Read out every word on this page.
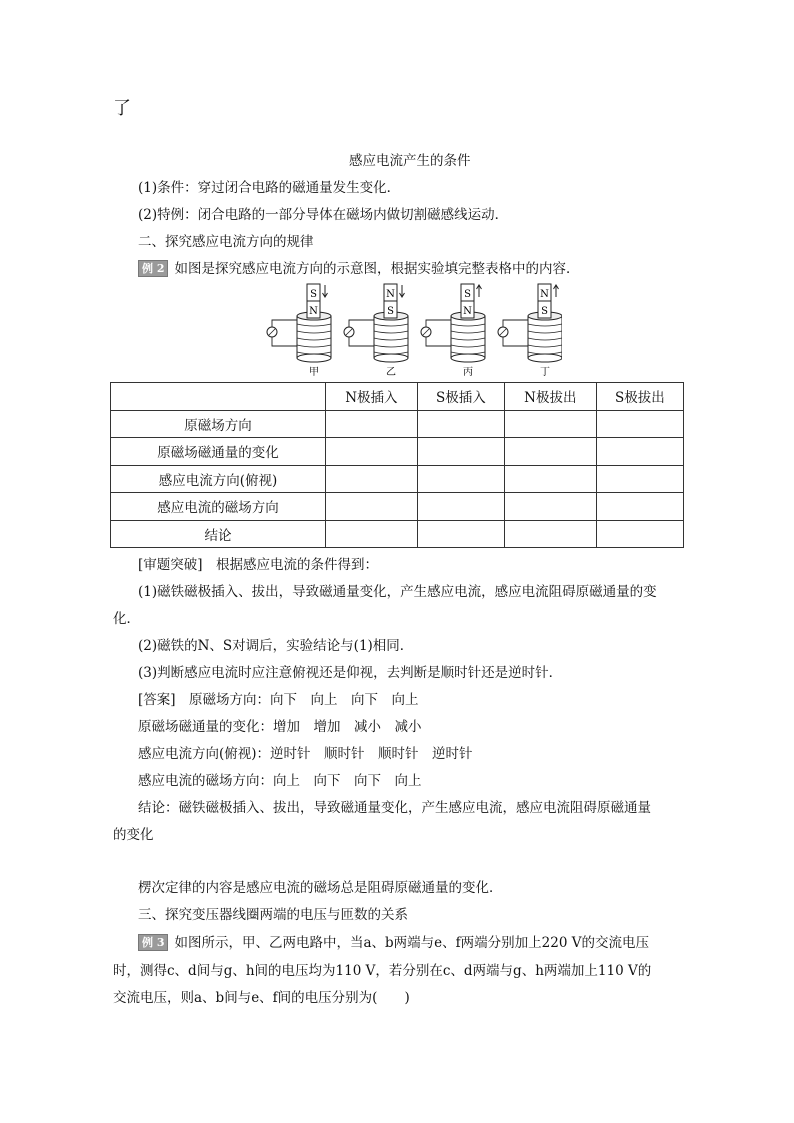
了
感应电流产生的条件
(1)条件：穿过闭合电路的磁通量发生变化．
(2)特例：闭合电路的一部分导体在磁场内做切割磁感线运动．
二、探究感应电流方向的规律
例 2 如图是探究感应电流方向的示意图，根据实验填完整表格中的内容．
S
N
甲
N
S
乙
S
N
丙
N
S
丁
	N极插入	S极插入	N极拔出	S极拔出
原磁场方向				
原磁场磁通量的变化				
感应电流方向(俯视)				
感应电流的磁场方向				
结论				
[审题突破]　根据感应电流的条件得到：
(1)磁铁磁极插入、拔出，导致磁通量变化，产生感应电流，感应电流阻碍原磁通量的变
化．
(2)磁铁的N、S对调后，实验结论与(1)相同．
(3)判断感应电流时应注意俯视还是仰视，去判断是顺时针还是逆时针．
[答案]　原磁场方向：向下　向上　向下　向上
原磁场磁通量的变化：增加　增加　减小　减小
感应电流方向(俯视)：逆时针　顺时针　顺时针　逆时针
感应电流的磁场方向：向上　向下　向下　向上
结论：磁铁磁极插入、拔出，导致磁通量变化，产生感应电流，感应电流阻碍原磁通量
的变化
楞次定律的内容是感应电流的磁场总是阻碍原磁通量的变化．
三、探究变压器线圈两端的电压与匝数的关系
例 3 如图所示，甲、乙两电路中，当a、b两端与e、f两端分别加上220 V的交流电压
时，测得c、d间与g、h间的电压均为110 V，若分别在c、d两端与g、h两端加上110 V的
交流电压，则a、b间与e、f间的电压分别为(　　)
